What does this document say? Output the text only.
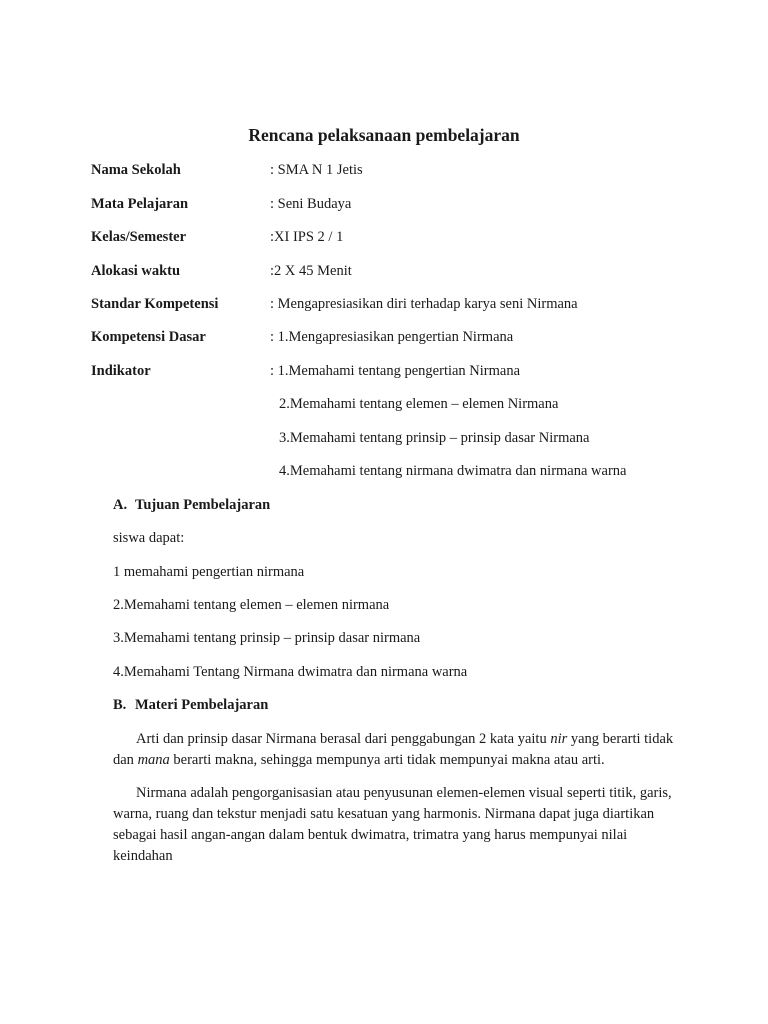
Rencana pelaksanaan pembelajaran
Nama Sekolah	: SMA N 1 Jetis
Mata Pelajaran	: Seni Budaya
Kelas/Semester	:XI IPS 2 / 1
Alokasi waktu	:2 X 45 Menit
Standar Kompetensi	: Mengapresiasikan diri terhadap karya seni Nirmana
Kompetensi Dasar	: 1.Mengapresiasikan pengertian Nirmana
Indikator	: 1.Memahami tentang pengertian Nirmana
2.Memahami tentang elemen – elemen Nirmana
3.Memahami tentang prinsip – prinsip dasar Nirmana
4.Memahami tentang nirmana dwimatra dan nirmana warna
A. Tujuan Pembelajaran
siswa dapat:
1 memahami pengertian nirmana
2.Memahami tentang elemen – elemen nirmana
3.Memahami tentang prinsip – prinsip dasar nirmana
4.Memahami Tentang Nirmana dwimatra dan nirmana warna
B. Materi Pembelajaran

Arti dan prinsip dasar Nirmana berasal dari penggabungan 2 kata yaitu nir yang berarti tidak dan mana berarti makna, sehingga mempunya arti tidak mempunyai makna atau arti.

Nirmana adalah pengorganisasian atau penyusunan elemen-elemen visual seperti titik, garis, warna, ruang dan tekstur menjadi satu kesatuan yang harmonis. Nirmana dapat juga diartikan sebagai hasil angan-angan dalam bentuk dwimatra, trimatra yang harus mempunyai nilai keindahan
